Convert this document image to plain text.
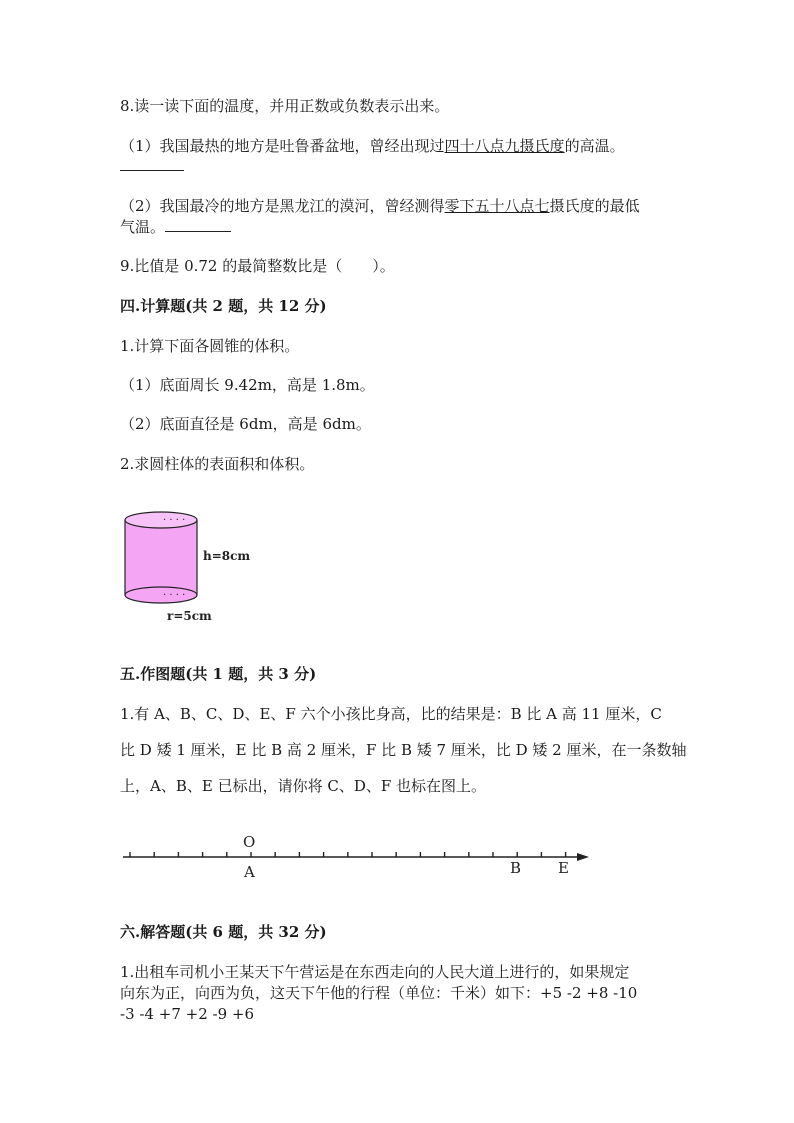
8.读一读下面的温度，并用正数或负数表示出来。
（1）我国最热的地方是吐鲁番盆地，曾经出现过四十八点九摄氏度的高温。
（2）我国最冷的地方是黑龙江的漠河，曾经测得零下五十八点七摄氏度的最低
气温。
9.比值是 0.72 的最简整数比是（　　）。
四.计算题(共 2 题，共 12 分)
1.计算下面各圆锥的体积。
（1）底面周长 9.42m，高是 1.8m。
（2）底面直径是 6dm，高是 6dm。
2.求圆柱体的表面积和体积。
· · · ·
· · · ·
h=8cm
r=5cm
五.作图题(共 1 题，共 3 分)
1.有 A、B、C、D、E、F 六个小孩比身高，比的结果是：B 比 A 高 11 厘米，C
比 D 矮 1 厘米，E 比 B 高 2 厘米，F 比 B 矮 7 厘米，比 D 矮 2 厘米，在一条数轴
上，A、B、E 已标出，请你将 C、D、F 也标在图上。
O
A	B E
六.解答题(共 6 题，共 32 分)
1.出租车司机小王某天下午营运是在东西走向的人民大道上进行的，如果规定
向东为正，向西为负，这天下午他的行程（单位：千米）如下：+5 -2 +8 -10
-3 -4 +7 +2 -9 +6
